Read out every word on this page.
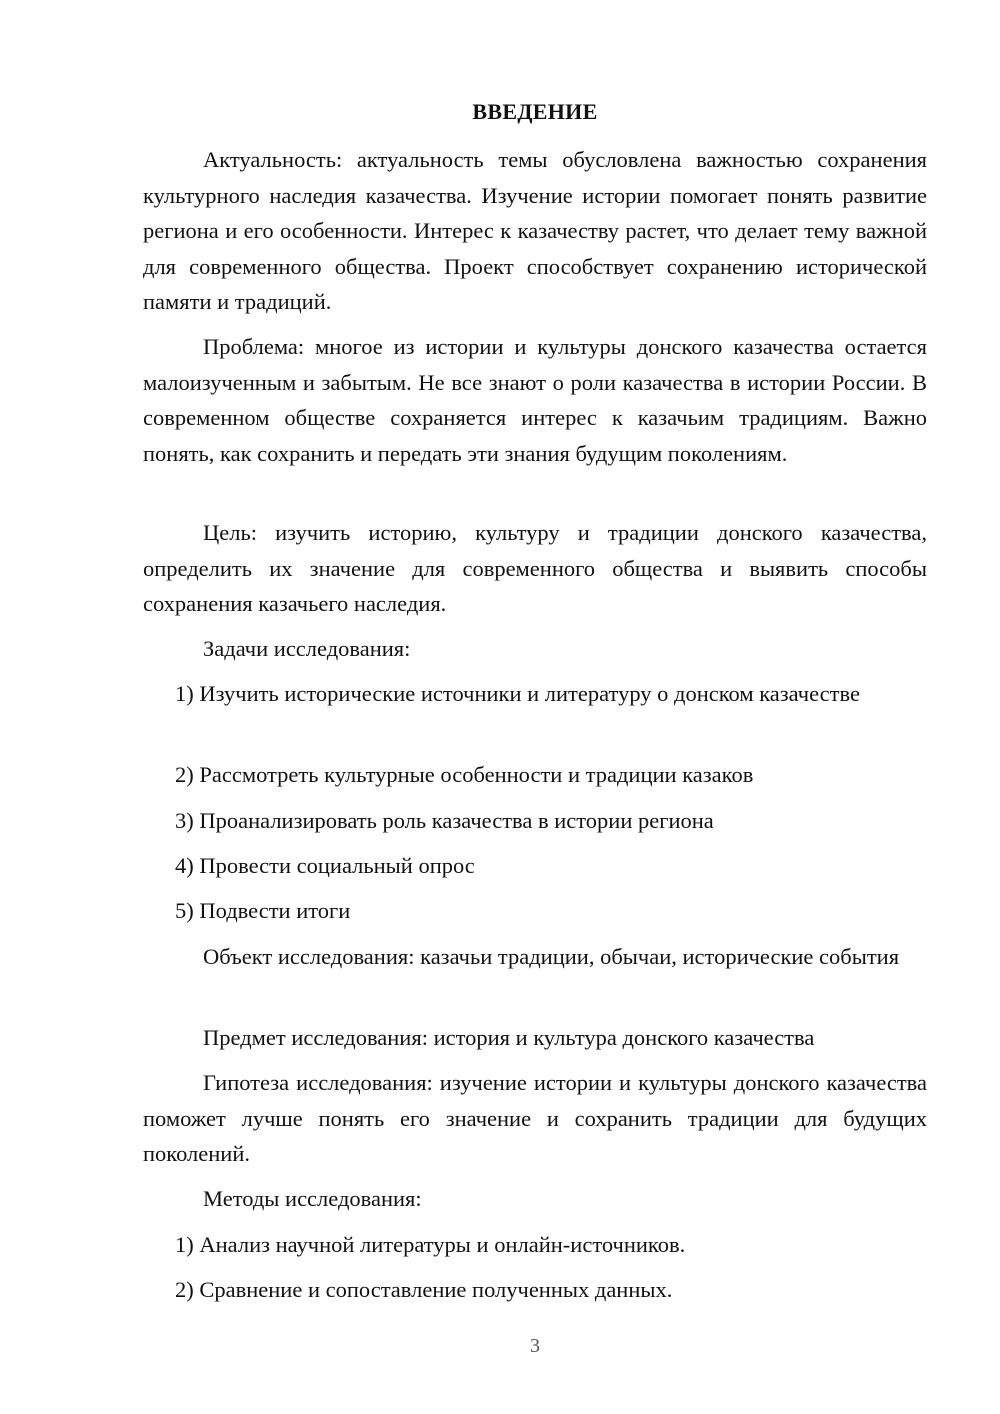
ВВЕДЕНИЕ

Актуальность: актуальность темы обусловлена важностью сохранения культурного наследия казачества. Изучение истории помогает понять развитие региона и его особенности. Интерес к казачеству растет, что делает тему важной для современного общества. Проект способствует сохранению исторической памяти и традиций.

Проблема: многое из истории и культуры донского казачества остается малоизученным и забытым. Не все знают о роли казачества в истории России. В современном обществе сохраняется интерес к казачьим традициям. Важно понять, как сохранить и передать эти знания будущим поколениям.

Цель: изучить историю, культуру и традиции донского казачества, определить их значение для современного общества и выявить способы сохранения казачьего наследия.

Задачи исследования:

1) Изучить исторические источники и литературу о донском казачестве

2) Рассмотреть культурные особенности и традиции казаков

3) Проанализировать роль казачества в истории региона

4) Провести социальный опрос

5) Подвести итоги

Объект исследования: казачьи традиции, обычаи, исторические события

Предмет исследования: история и культура донского казачества

Гипотеза исследования: изучение истории и культуры донского казачества поможет лучше понять его значение и сохранить традиции для будущих поколений.

Методы исследования:

1) Анализ научной литературы и онлайн-источников.

2) Сравнение и сопоставление полученных данных.

3
